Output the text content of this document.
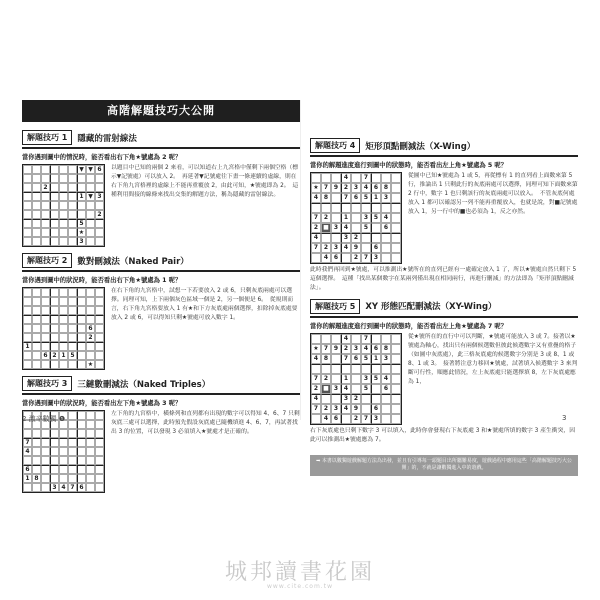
高階解題技巧大公開
解題技巧 1	隱藏的雷射線法
當你遇到圖中的情況時，能否看出右下角★號處為 2 呢？
▼ ▼ 6
2
1 ▼ 3
2
5
★
3
以題目中已知的兩個 2 來看，可以知道右上九宮格中僅剩下兩個空格（標示▼記號處）可以放入 2。　再延著▼記號處往下畫一條連續的虛線，則在右下角九宮格裡的虛線上不能再重覆放 2，由此可知，★號處即為 2。　這種利用間接的線條來找出交集的解題方法，稱為隱藏的雷射線法。
解題技巧 2	數對刪減法（Naked Pair）
當你遇到圖中的狀況時，能否看出右下角★號處為 1 呢？
6
2
1
6 2 1 5
★
在右下角的九宮格中，試想一下若要放入 2 或 6，只剩灰底兩處可以選擇。同理可知，上下兩個灰色區域一個是 2，另一個便是 6。　從規則而言，右下角九宮格要放入 1 有★和下方灰底處兩個選擇，扣除掉灰底處要放入 2 或 6，可以得知只剩★號處可放入數字 1。
解題技巧 3	三鏈數刪減法（Naked Triples）
當你遇到圖中的狀況時，能否看出左下角★號處為 3 呢？
7
4
6
1 8
3 4 7 6
左下角的九宮格中，橫條列和直列都有出現的數字可以得知 4、6、7 只剩灰底三處可以選擇，此時預先假設灰底處已隨機填進 4、6、7，再試著找出 3 的位置，可以發現 3 必須填入★號處才是正確的。
解題技巧 4	矩形頂點刪減法（X-Wing）
當你的解題進度進行到圖中的狀態時，能否看出左上角★號處為 5 呢？
4	7
★ 7 9 2 3 4 6 8
4 8	7 6 5 1 3
7 2	1	3 5 4
2 ■ 3 4	5	6
4	3 2
7 2 3 4 9	6
4 6	2 7 3
從圖中已知★號處為 1 或 5，再從標有 1 的直列看上面數來第 5 行，推論出 1 只剩此行的灰底兩處可以選擇，同理可知下面數來第 2 行中，數字 1 也只剩該行的灰底兩處可以放入。　不管灰底何處放入 1 都可以確認另一列不能再重覆放入，也就是說，對■記號處放入 1，另一行中的■也必須為 1，反之亦然。
此時我們再回到★號處，可以推測出★號所在的直列已經有一處確定放入 1 了，所以★號處自然只剩下 5 這個選擇。　這種「找出某個數字在某兩列僅出現在相同兩行，再進行刪減」的方法即為「矩形頂點刪減法」。
解題技巧 5	XY 形態匹配刪減法（XY-Wing）
當你的解題進度進行到圖中的狀態時，能否看出左上角★號處為 7 呢？
4	7
★ 7 9 2 3 4 6 8
4 8	7 6 5 1 3
7 2	1	3 5 4
2 ■ 3 4	5	6
4	3 2
7 2 3 4 9	6
4 6	2 7 3
從★號所在的直行中可以判斷，★號處可能放入 3 或 7。接著以★號處為軸心，找出只有兩個候選數但彼此候選數字又有重疊的格子（如圖中灰底處），此三格灰底處的候選數字分別是 3 或 8、1 或 8、1 或 3。　接著將注意力移回★號處，試著填入候選數字 3 來判斷可行性，順應此情況，左上灰底處只能選擇填 8，左下灰底處應為 1，
右下灰底處也只剩下數字 3 可以填入，此時你會發現右下灰底處 3 和★號處所填的數字 3 產生衝突，因此可以推測出★號處應為 7。
➡ 本書以數獨遊戲解題方法為出發，並且有引導每一頭題目出所屬難易度，遊戲過程中應用這些「高階解題技巧大公開」的，不就是讓數獨進入中的遊戲。
2 激辛數獨 ❶	3
城邦讀書花園
www.cite.com.tw
